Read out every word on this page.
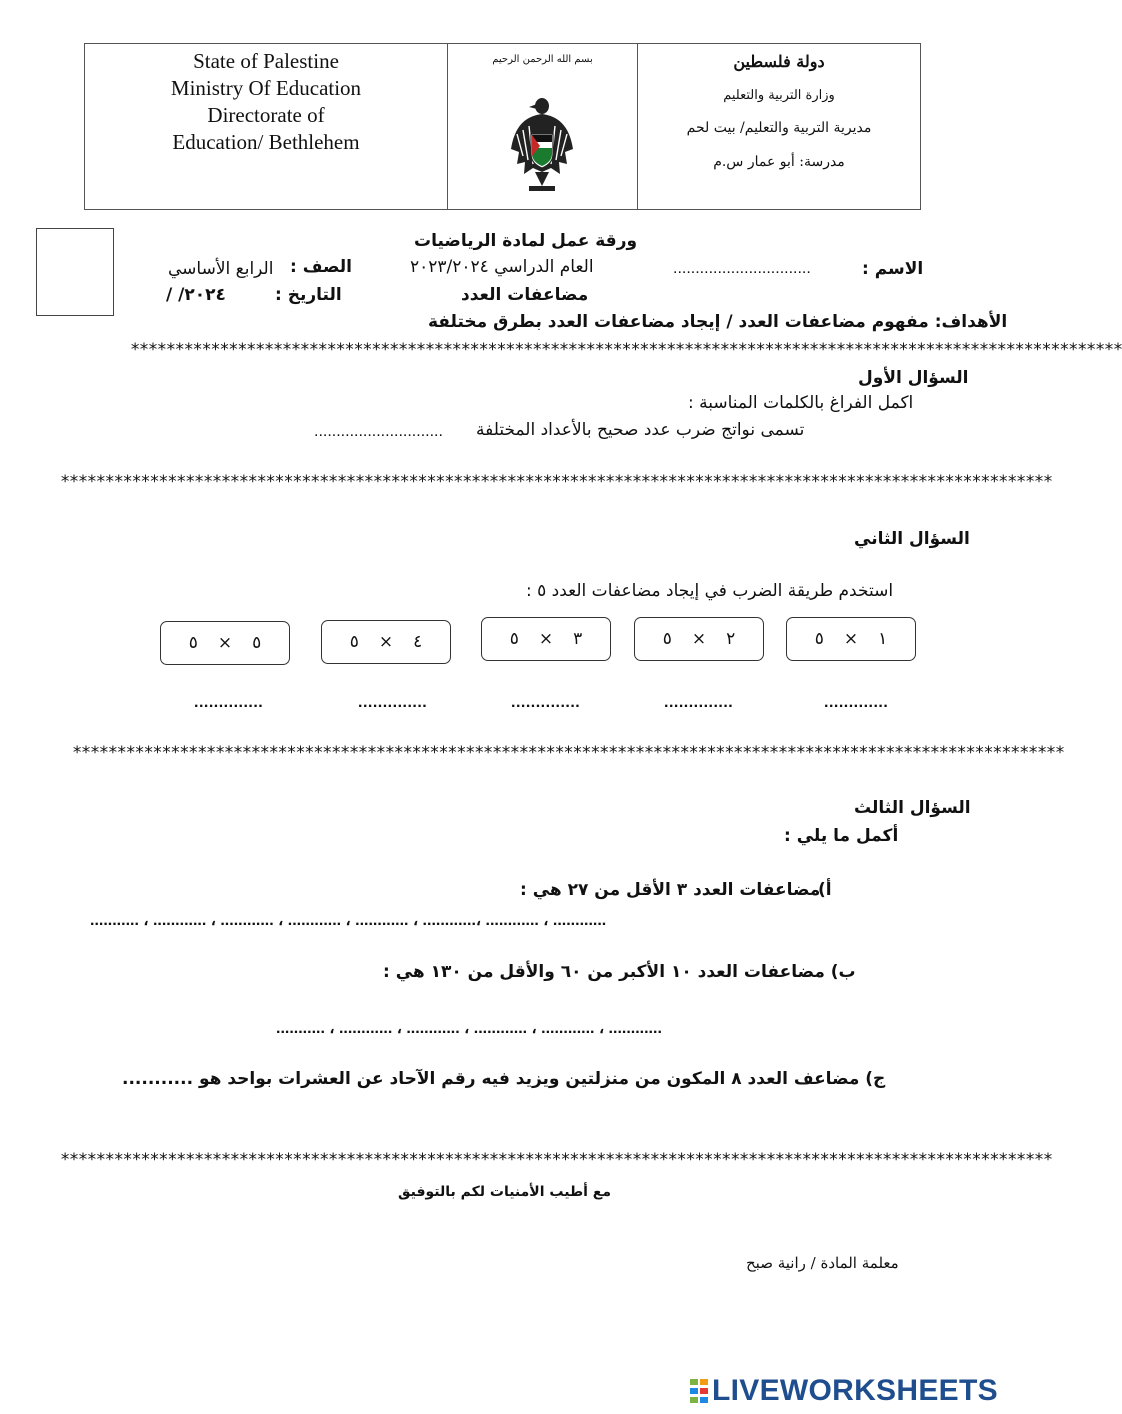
State of Palestine
Ministry Of Education
Directorate of
Education/ Bethlehem
بسم الله الرحمن الرحيم	دولة فلسطين
وزارة التربية والتعليم
مديرية التربية والتعليم/ بيت لحم
مدرسة: أبو عمار س.م
ورقة عمل لمادة الرياضيات
العام الدراسي ٢٠٢٣/٢٠٢٤
مضاعفات العدد
الاسم :
...............................
الصف :
الرابع الأساسي
التاريخ :
/ /٢٠٢٤
الأهداف: مفهوم مضاعفات العدد / إيجاد مضاعفات العدد بطرق مختلفة
***************************************************************************************************************
السؤال الأول
اكمل الفراغ بالكلمات المناسبة :
تسمى نواتج ضرب عدد صحيح بالأعداد المختلفة
.............................
***************************************************************************************************************
السؤال الثاني
استخدم طريقة الضرب في إيجاد مضاعفات العدد ٥ :
١
×
٥
٢
×
٥
٣
×
٥
٤
×
٥
٥
×
٥
.............
..............
..............
..............
..............
***************************************************************************************************************
السؤال الثالث
أكمل ما يلي :
أ)
مضاعفات العدد ٣ الأقل من ٢٧ هي :
........... ، ............ ، ............ ، ............ ، ............ ، ............، ............ ، ............
ب) مضاعفات العدد ١٠ الأكبر من ٦٠ والأقل من ١٣٠ هي :
........... ، ............ ، ............ ، ............ ، ............ ، ............
ج) مضاعف العدد ٨ المكون من منزلتين ويزيد فيه رقم الآحاد عن العشرات بواحد هو ...........
***************************************************************************************************************
مع أطيب الأمنيات لكم بالتوفيق
معلمة المادة / رانية صبح
LIVEWORKSHEETS
